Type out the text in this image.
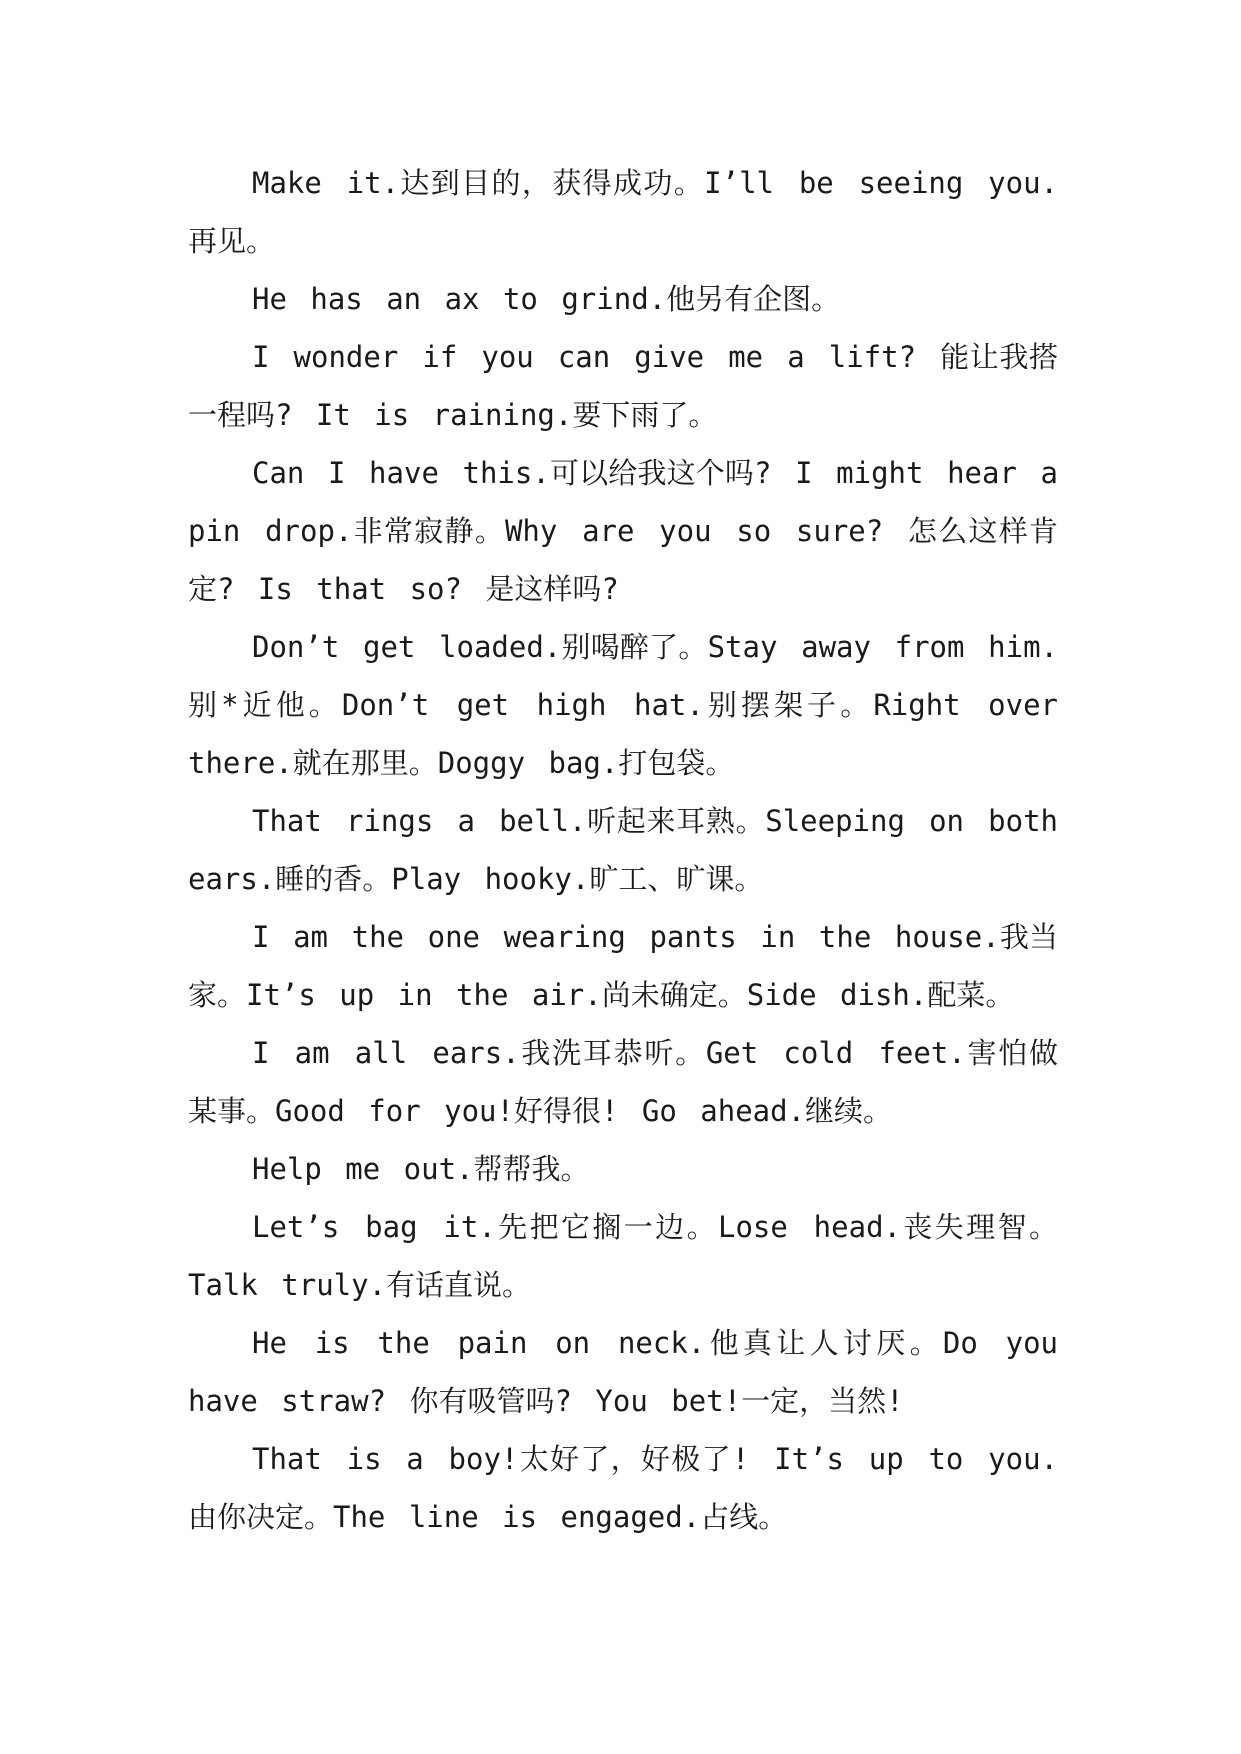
Make it.达到目的，获得成功。I’ll be seeing you.再见。

He has an ax to grind.他另有企图。

I wonder if you can give me a lift? 能让我搭一程吗? It is raining.要下雨了。

Can I have this.可以给我这个吗? I might hear a pin drop.非常寂静。Why are you so sure? 怎么这样肯定? Is that so? 是这样吗?

Don’t get loaded.别喝醉了。Stay away from him.别*近他。Don’t get high hat.别摆架子。Right over there.就在那里。Doggy bag.打包袋。

That rings a bell.听起来耳熟。Sleeping on both ears.睡的香。Play hooky.旷工、旷课。

I am the one wearing pants in the house.我当家。It’s up in the air.尚未确定。Side dish.配菜。

I am all ears.我洗耳恭听。Get cold feet.害怕做某事。Good for you!好得很! Go ahead.继续。

Help me out.帮帮我。

Let’s bag it.先把它搁一边。Lose head.丧失理智。Talk truly.有话直说。

He is the pain on neck.他真让人讨厌。Do you have straw? 你有吸管吗? You bet!一定，当然!

That is a boy!太好了，好极了! It’s up to you.由你决定。The line is engaged.占线。
